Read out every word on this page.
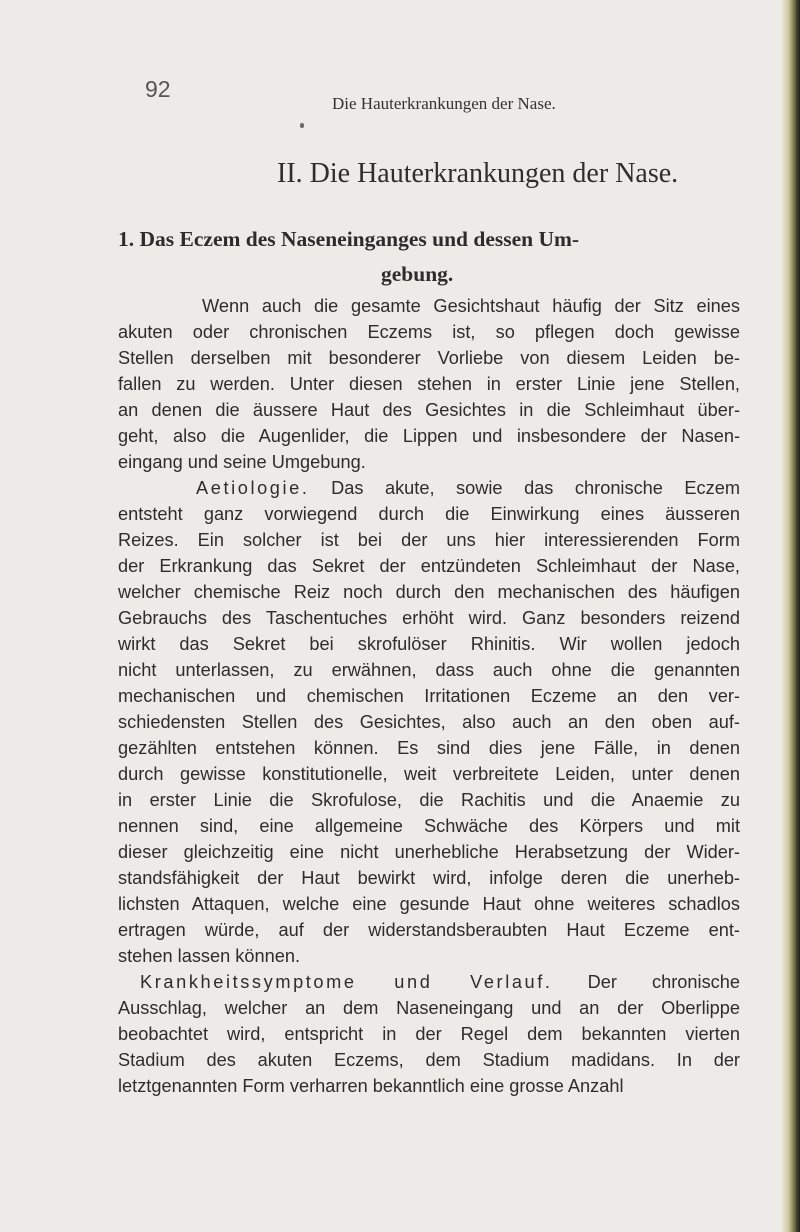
92
Die Hauterkrankungen der Nase.
II. Die Hauterkrankungen der Nase.
1. Das Eczem des Naseneinganges und dessen Um-
gebung.
Wenn auch die gesamte Gesichtshaut häufig der Sitz eines
akuten oder chronischen Eczems ist, so pflegen doch gewisse
Stellen derselben mit besonderer Vorliebe von diesem Leiden be-
fallen zu werden. Unter diesen stehen in erster Linie jene Stellen,
an denen die äussere Haut des Gesichtes in die Schleimhaut über-
geht, also die Augenlider, die Lippen und insbesondere der Nasen-
eingang und seine Umgebung.
Aetiologie. Das akute, sowie das chronische Eczem
entsteht ganz vorwiegend durch die Einwirkung eines äusseren
Reizes. Ein solcher ist bei der uns hier interessierenden Form
der Erkrankung das Sekret der entzündeten Schleimhaut der Nase,
welcher chemische Reiz noch durch den mechanischen des häufigen
Gebrauchs des Taschentuches erhöht wird. Ganz besonders reizend
wirkt das Sekret bei skrofulöser Rhinitis. Wir wollen jedoch
nicht unterlassen, zu erwähnen, dass auch ohne die genannten
mechanischen und chemischen Irritationen Eczeme an den ver-
schiedensten Stellen des Gesichtes, also auch an den oben auf-
gezählten entstehen können. Es sind dies jene Fälle, in denen
durch gewisse konstitutionelle, weit verbreitete Leiden, unter denen
in erster Linie die Skrofulose, die Rachitis und die Anaemie zu
nennen sind, eine allgemeine Schwäche des Körpers und mit
dieser gleichzeitig eine nicht unerhebliche Herabsetzung der Wider-
standsfähigkeit der Haut bewirkt wird, infolge deren die unerheb-
lichsten Attaquen, welche eine gesunde Haut ohne weiteres schadlos
ertragen würde, auf der widerstandsberaubten Haut Eczeme ent-
stehen lassen können.
Krankheitssymptome und Verlauf. Der chronische
Ausschlag, welcher an dem Naseneingang und an der Oberlippe
beobachtet wird, entspricht in der Regel dem bekannten vierten
Stadium des akuten Eczems, dem Stadium madidans. In der
letztgenannten Form verharren bekanntlich eine grosse Anzahl
